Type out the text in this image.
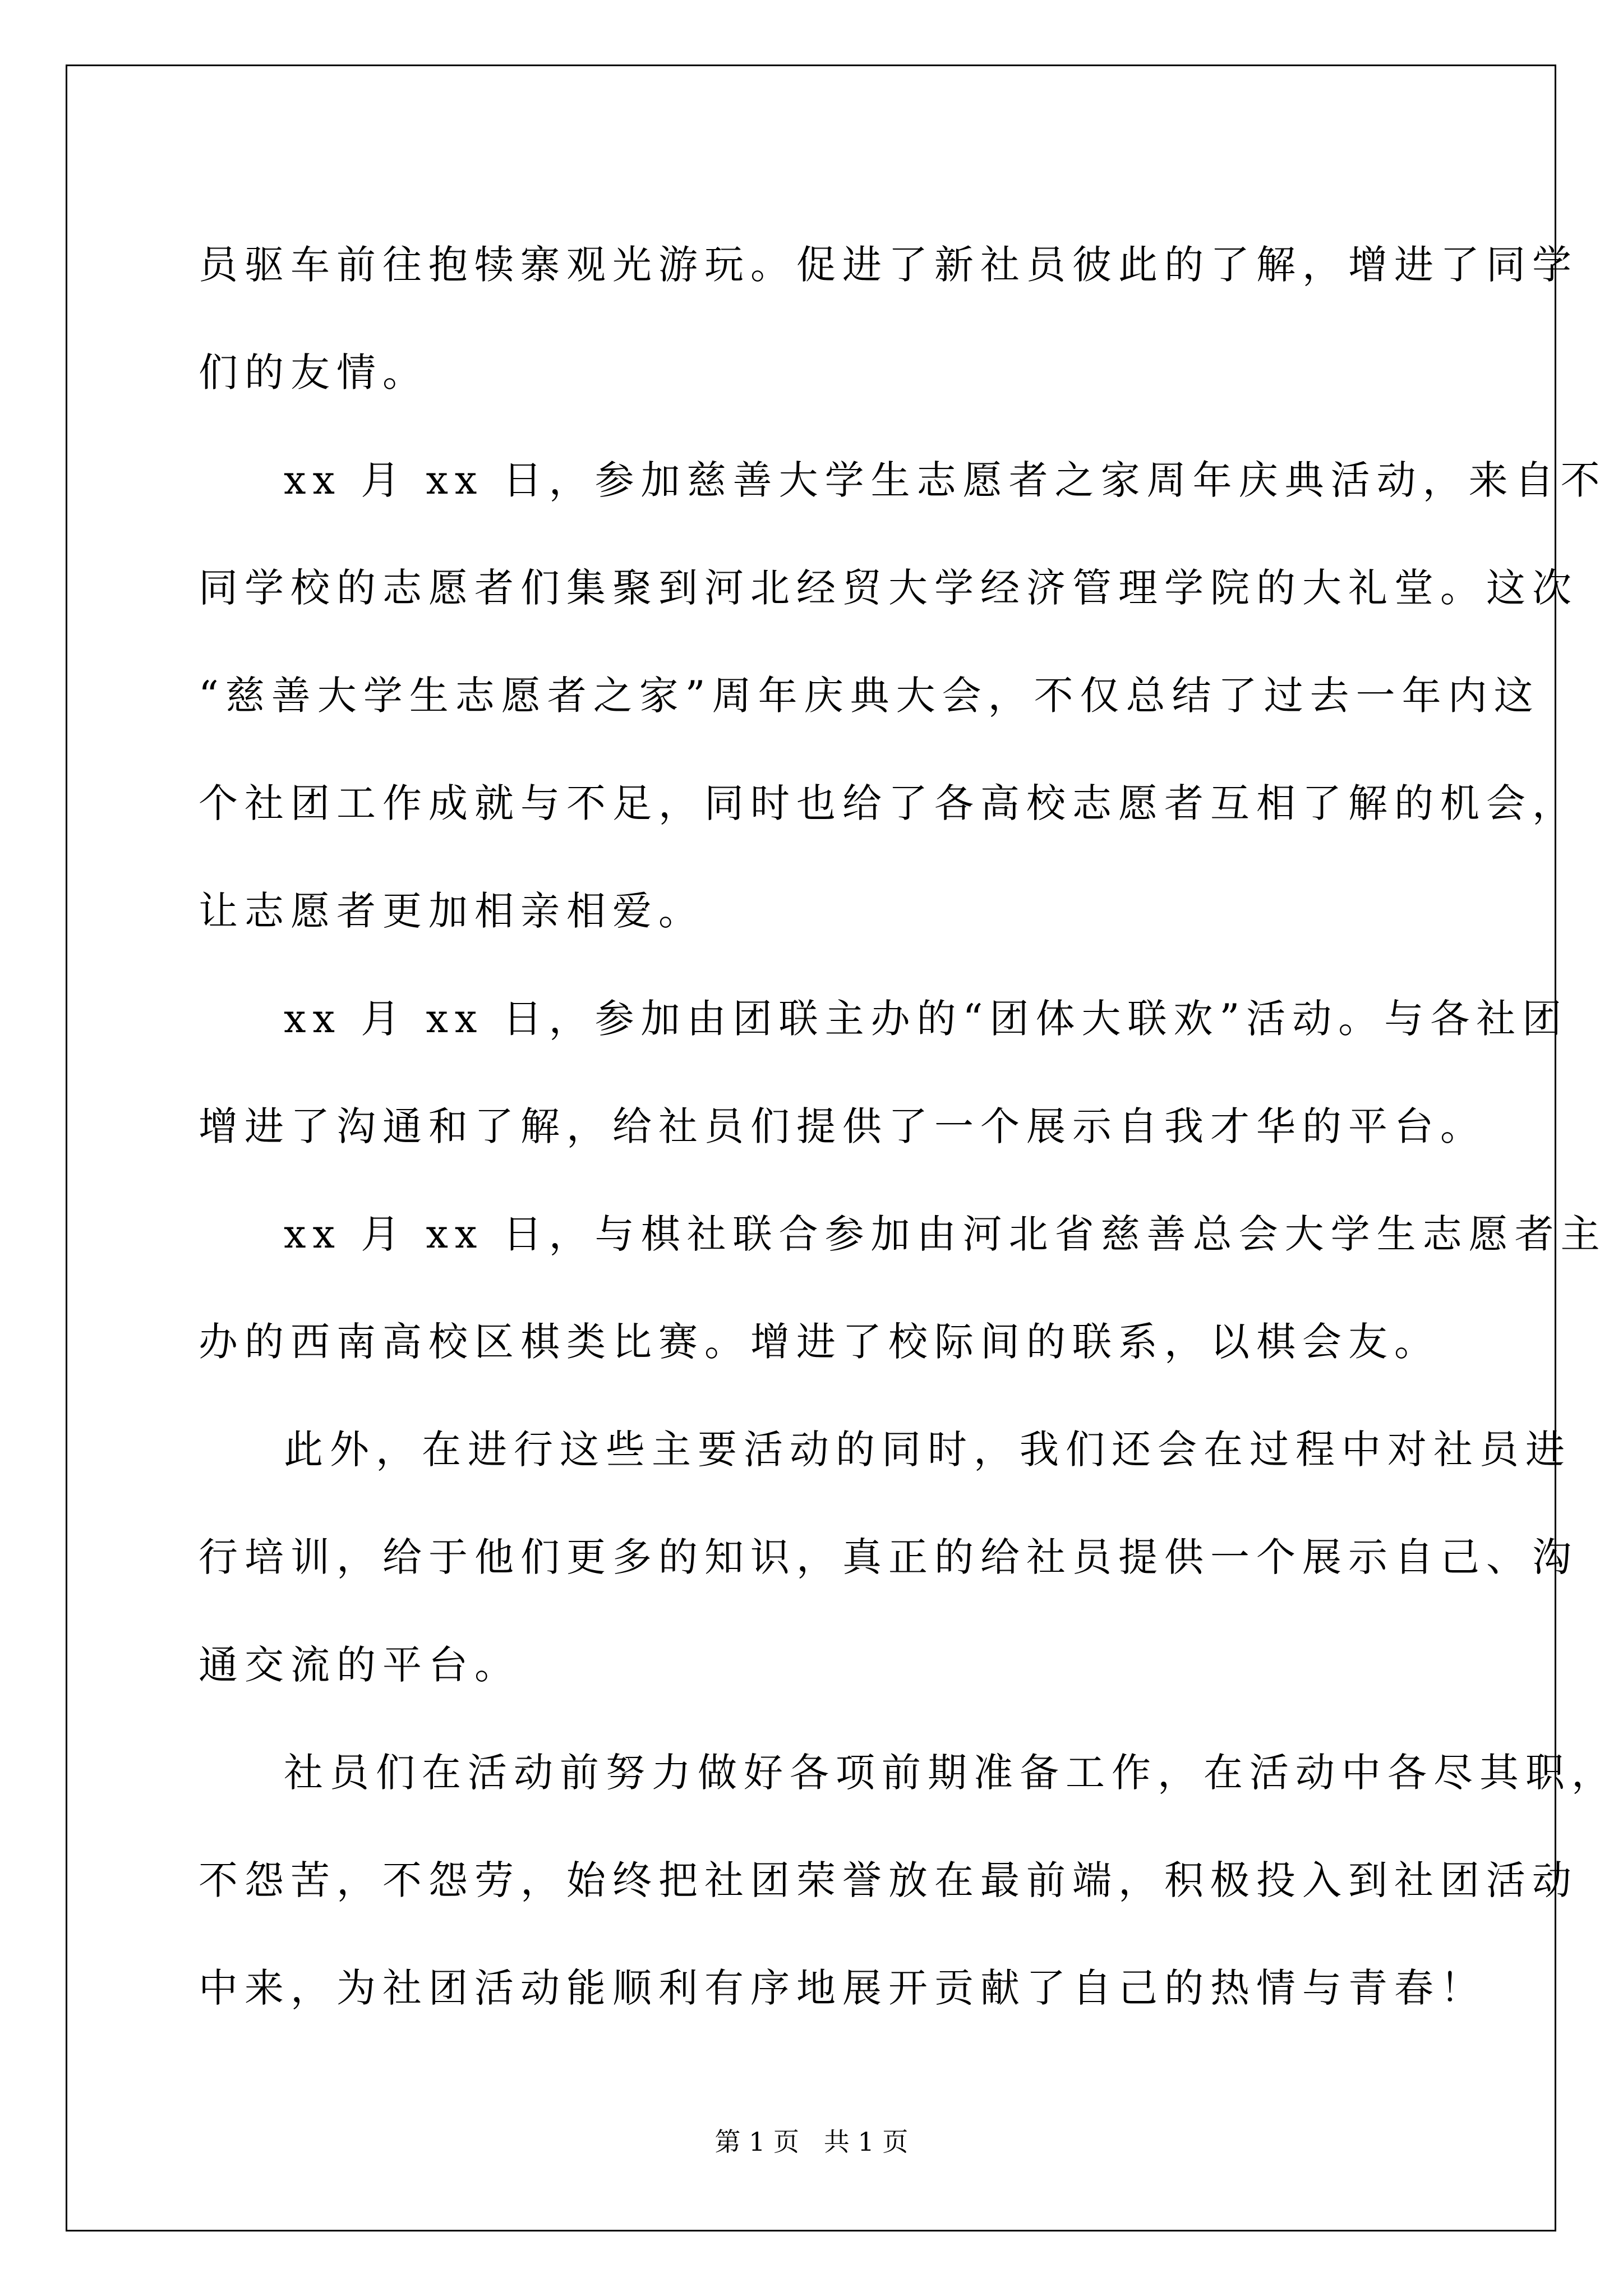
员驱车前往抱犊寨观光游玩。促进了新社员彼此的了解，增进了同学
们的友情。
xx 月 xx 日，参加慈善大学生志愿者之家周年庆典活动，来自不
同学校的志愿者们集聚到河北经贸大学经济管理学院的大礼堂。这次
“慈善大学生志愿者之家”周年庆典大会，不仅总结了过去一年内这
个社团工作成就与不足，同时也给了各高校志愿者互相了解的机会，
让志愿者更加相亲相爱。
xx 月 xx 日，参加由团联主办的“团体大联欢”活动。与各社团
增进了沟通和了解，给社员们提供了一个展示自我才华的平台。
xx 月 xx 日，与棋社联合参加由河北省慈善总会大学生志愿者主
办的西南高校区棋类比赛。增进了校际间的联系，以棋会友。
此外，在进行这些主要活动的同时，我们还会在过程中对社员进
行培训，给于他们更多的知识，真正的给社员提供一个展示自己、沟
通交流的平台。
社员们在活动前努力做好各项前期准备工作，在活动中各尽其职，
不怨苦，不怨劳，始终把社团荣誉放在最前端，积极投入到社团活动
中来，为社团活动能顺利有序地展开贡献了自己的热情与青春！
第 1 页   共 1 页
